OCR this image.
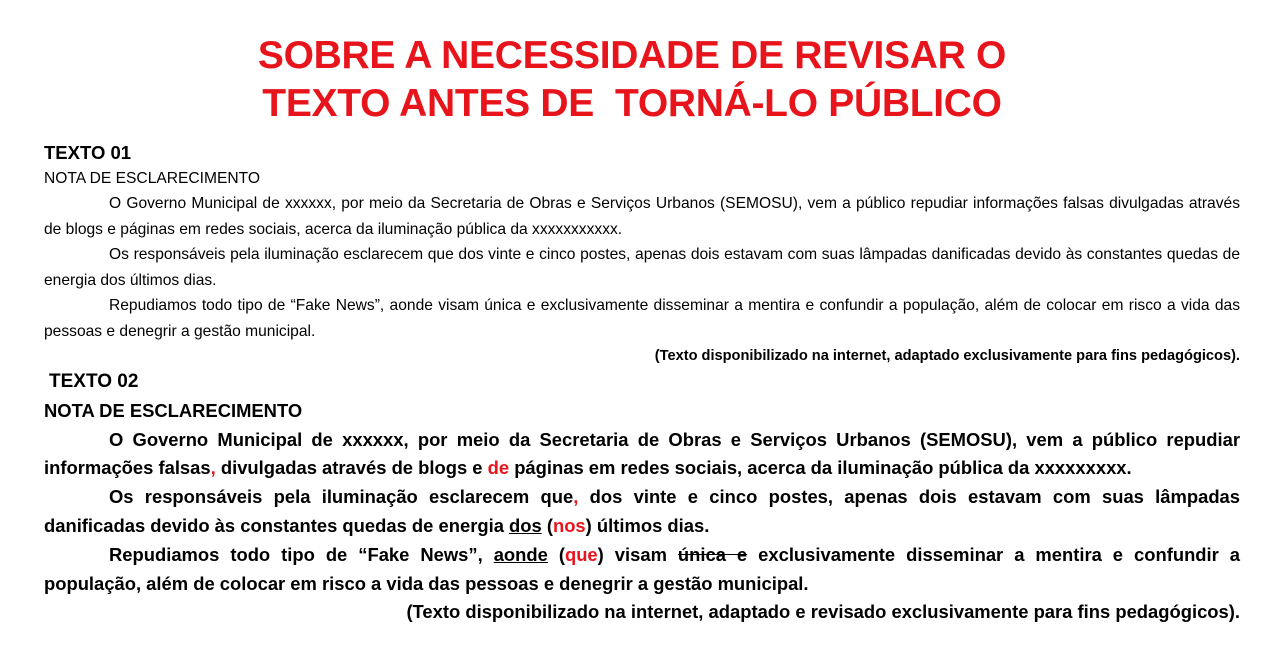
SOBRE A NECESSIDADE DE REVISAR O
TEXTO ANTES DE  TORNÁ-LO PÚBLICO
TEXTO 01
NOTA DE ESCLARECIMENTO

O Governo Municipal de xxxxxx, por meio da Secretaria de Obras e Serviços Urbanos (SEMOSU), vem a público repudiar informações falsas divulgadas através de blogs e páginas em redes sociais, acerca da iluminação pública da xxxxxxxxxxx.

Os responsáveis pela iluminação esclarecem que dos vinte e cinco postes, apenas dois estavam com suas lâmpadas danificadas devido às constantes quedas de energia dos últimos dias.

Repudiamos todo tipo de “Fake News”, aonde visam única e exclusivamente disseminar a mentira e confundir a população, além de colocar em risco a vida das pessoas e denegrir a gestão municipal.

(Texto disponibilizado na internet, adaptado exclusivamente para fins pedagógicos).

TEXTO 02
NOTA DE ESCLARECIMENTO

O Governo Municipal de xxxxxx, por meio da Secretaria de Obras e Serviços Urbanos (SEMOSU), vem a público repudiar informações falsas, divulgadas através de blogs e de páginas em redes sociais, acerca da iluminação pública da xxxxxxxxx.

Os responsáveis pela iluminação esclarecem que, dos vinte e cinco postes, apenas dois estavam com suas lâmpadas danificadas devido às constantes quedas de energia dos (nos) últimos dias.

Repudiamos todo tipo de “Fake News”, aonde (que) visam única e exclusivamente disseminar a mentira e confundir a população, além de colocar em risco a vida das pessoas e denegrir a gestão municipal.

(Texto disponibilizado na internet, adaptado e revisado exclusivamente para fins pedagógicos).
